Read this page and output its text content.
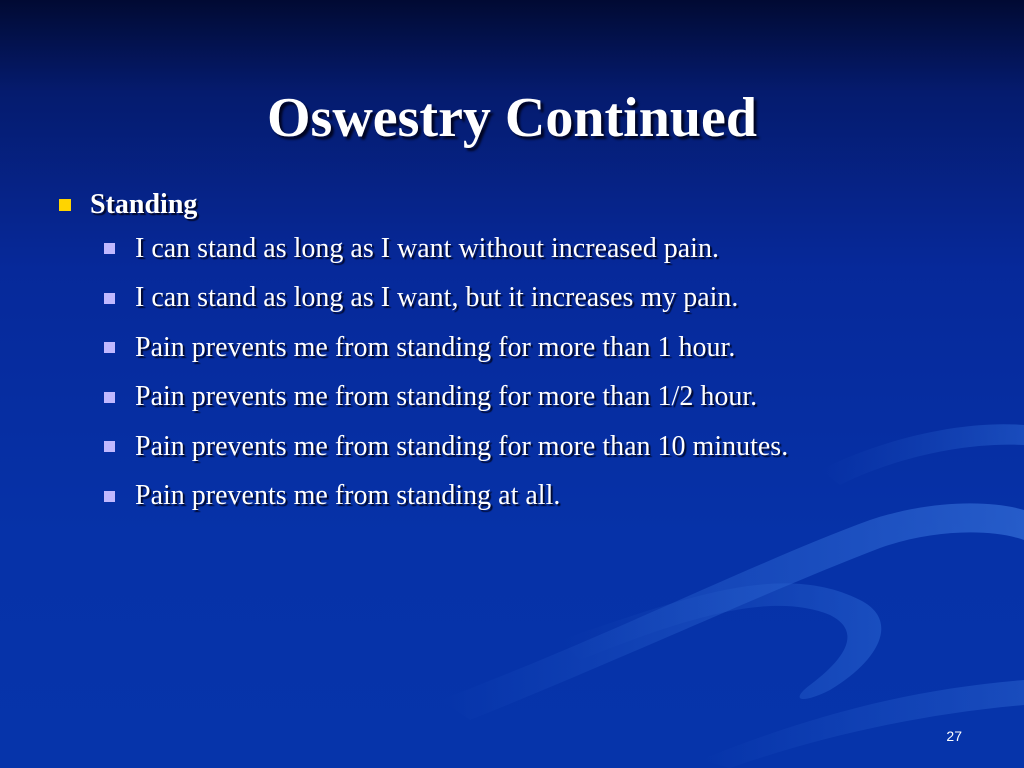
Oswestry Continued
Standing
I can stand as long as I want without increased pain.
I can stand as long as I want, but it increases my pain.
Pain prevents me from standing for more than 1 hour.
Pain prevents me from standing for more than 1/2 hour.
Pain prevents me from standing for more than 10 minutes.
Pain prevents me from standing at all.
27
